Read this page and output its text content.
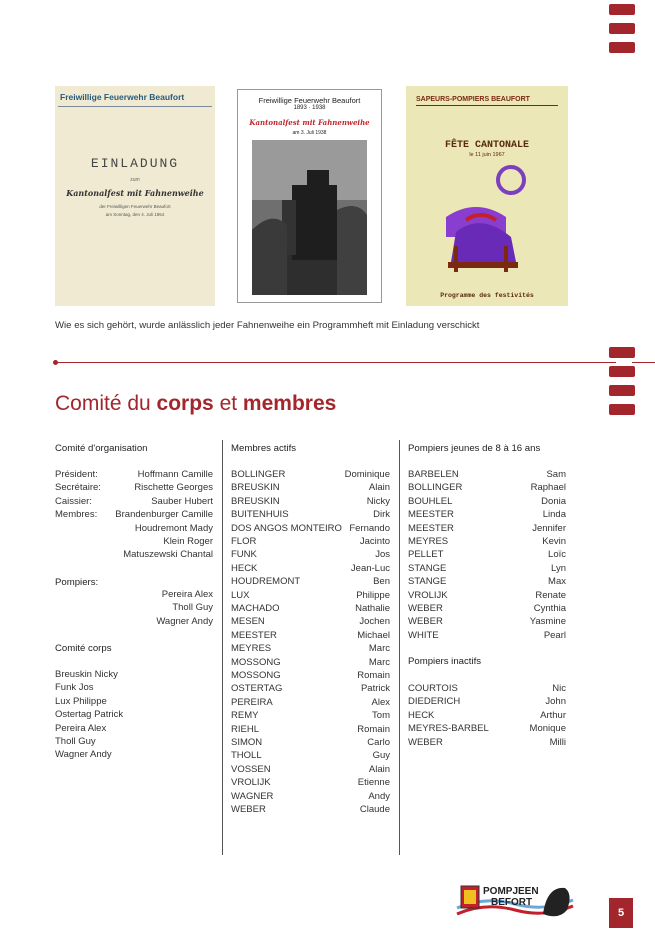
Freiwillige Feuerwehr Beaufort
EINLADUNG
zum
Kantonalfest mit Fahnenweihe
der Freiwilligen Feuerwehr Beaufort
am Sonntag, den 4. Juli 1954
Freiwillige Feuerwehr Beaufort
1893 · 1938
Kantonalfest mit Fahnenweihe
am 3. Juli 1938
SAPEURS-POMPIERS BEAUFORT
FÊTE CANTONALE
le 11 juin 1967
Programme des festivités
Wie es sich gehört, wurde anlässlich jeder Fahnenweihe ein Programmheft mit Einladung verschickt
Comité du corps et membres
Comité d'organisation
Président:	Hoffmann Camille
Secrétaire:	Rischette Georges
Caissier:	Sauber Hubert
Membres: Brandenburger Camille
Houdremont Mady
Klein Roger
Matuszewski Chantal
Pompiers:
Pereira Alex
Tholl Guy
Wagner Andy
Comité corps
Breuskin Nicky
Funk Jos
Lux Philippe
Ostertag Patrick
Pereira Alex
Tholl Guy
Wagner Andy
Membres actifs
BOLLINGER	Dominique
BREUSKIN	Alain
BREUSKIN	Nicky
BUITENHUIS	Dirk
DOS ANGOS MONTEIRO Fernando
FLOR	Jacinto
FUNK	Jos
HECK	Jean-Luc
HOUDREMONT	Ben
LUX	Philippe
MACHADO	Nathalie
MESEN	Jochen
MEESTER	Michael
MEYRES	Marc
MOSSONG	Marc
MOSSONG	Romain
OSTERTAG	Patrick
PEREIRA	Alex
REMY	Tom
RIEHL	Romain
SIMON	Carlo
THOLL	Guy
VOSSEN	Alain
VROLIJK	Etienne
WAGNER	Andy
WEBER	Claude
Pompiers jeunes de 8 à 16 ans
BARBELEN	Sam
BOLLINGER	Raphael
BOUHLEL	Donia
MEESTER	Linda
MEESTER	Jennifer
MEYRES	Kevin
PELLET	Loïc
STANGE	Lyn
STANGE	Max
VROLIJK	Renate
WEBER	Cynthia
WEBER	Yasmine
WHITE	Pearl
Pompiers inactifs
COURTOIS	Nic
DIEDERICH	John
HECK	Arthur
MEYRES-BARBEL	Monique
WEBER	Milli
POMPJEEN
BEFORT
5
